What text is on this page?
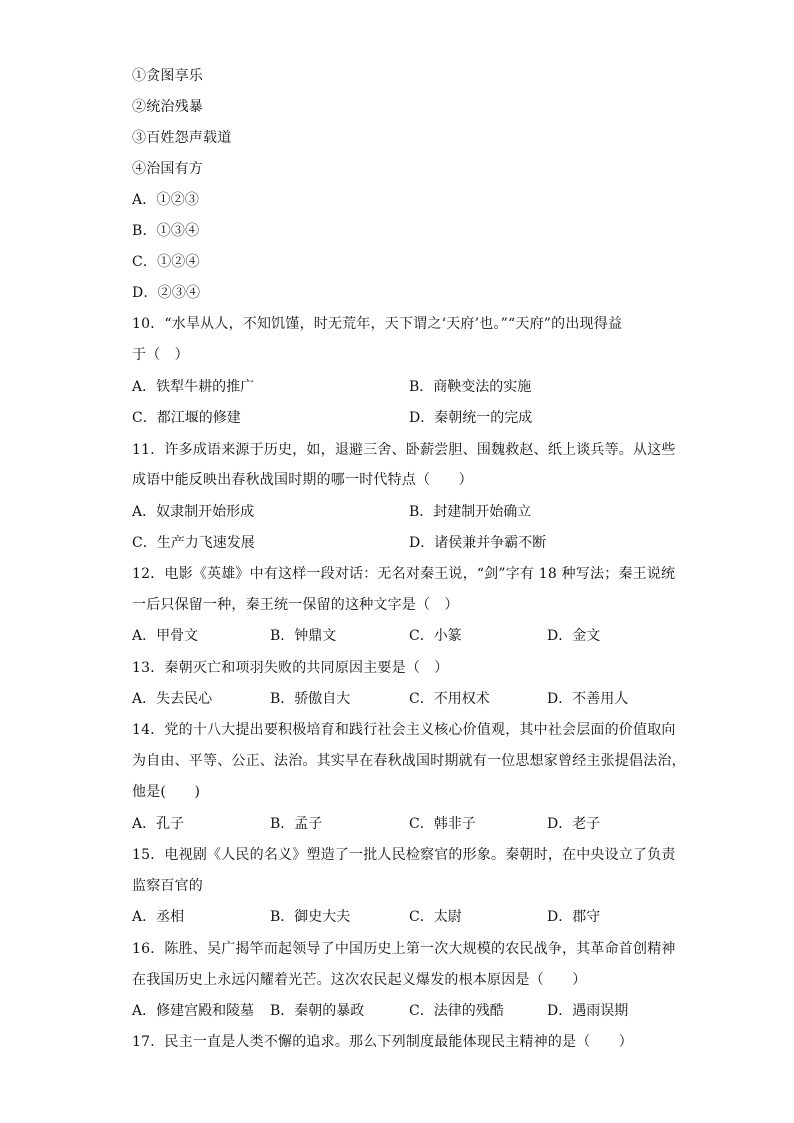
①贪图享乐
②统治残暴
③百姓怨声载道
④治国有方
A．①②③
B．①③④
C．①②④
D．②③④
10．“水旱从人，不知饥馑，时无荒年，天下谓之‘天府’也。”“天府”的出现得益
于（　）
A．铁犁牛耕的推广	B．商鞅变法的实施
C．都江堰的修建	D．秦朝统一的完成
11．许多成语来源于历史，如，退避三舍、卧薪尝胆、围魏救赵、纸上谈兵等。从这些
成语中能反映出春秋战国时期的哪一时代特点（　　）
A．奴隶制开始形成	B．封建制开始确立
C．生产力飞速发展	D．诸侯兼并争霸不断
12．电影《英雄》中有这样一段对话：无名对秦王说，“剑”字有 18 种写法；秦王说统
一后只保留一种，秦王统一保留的这种文字是（　）
A．甲骨文	B．钟鼎文	C．小篆	D．金文
13．秦朝灭亡和项羽失败的共同原因主要是（　）
A．失去民心	B．骄傲自大	C．不用权术	D．不善用人
14．党的十八大提出要积极培育和践行社会主义核心价值观，其中社会层面的价值取向
为自由、平等、公正、法治。其实早在春秋战国时期就有一位思想家曾经主张提倡法治，
他是(　　)
A．孔子	B．孟子	C．韩非子	D．老子
15．电视剧《人民的名义》塑造了一批人民检察官的形象。秦朝时，在中央设立了负责
监察百官的
A．丞相	B．御史大夫	C．太尉	D．郡守
16．陈胜、吴广揭竿而起领导了中国历史上第一次大规模的农民战争，其革命首创精神
在我国历史上永远闪耀着光芒。这次农民起义爆发的根本原因是（　　）
A．修建宫殿和陵墓 B．秦朝的暴政	C．法律的残酷	D．遇雨误期
17．民主一直是人类不懈的追求。那么下列制度最能体现民主精神的是（　　）
